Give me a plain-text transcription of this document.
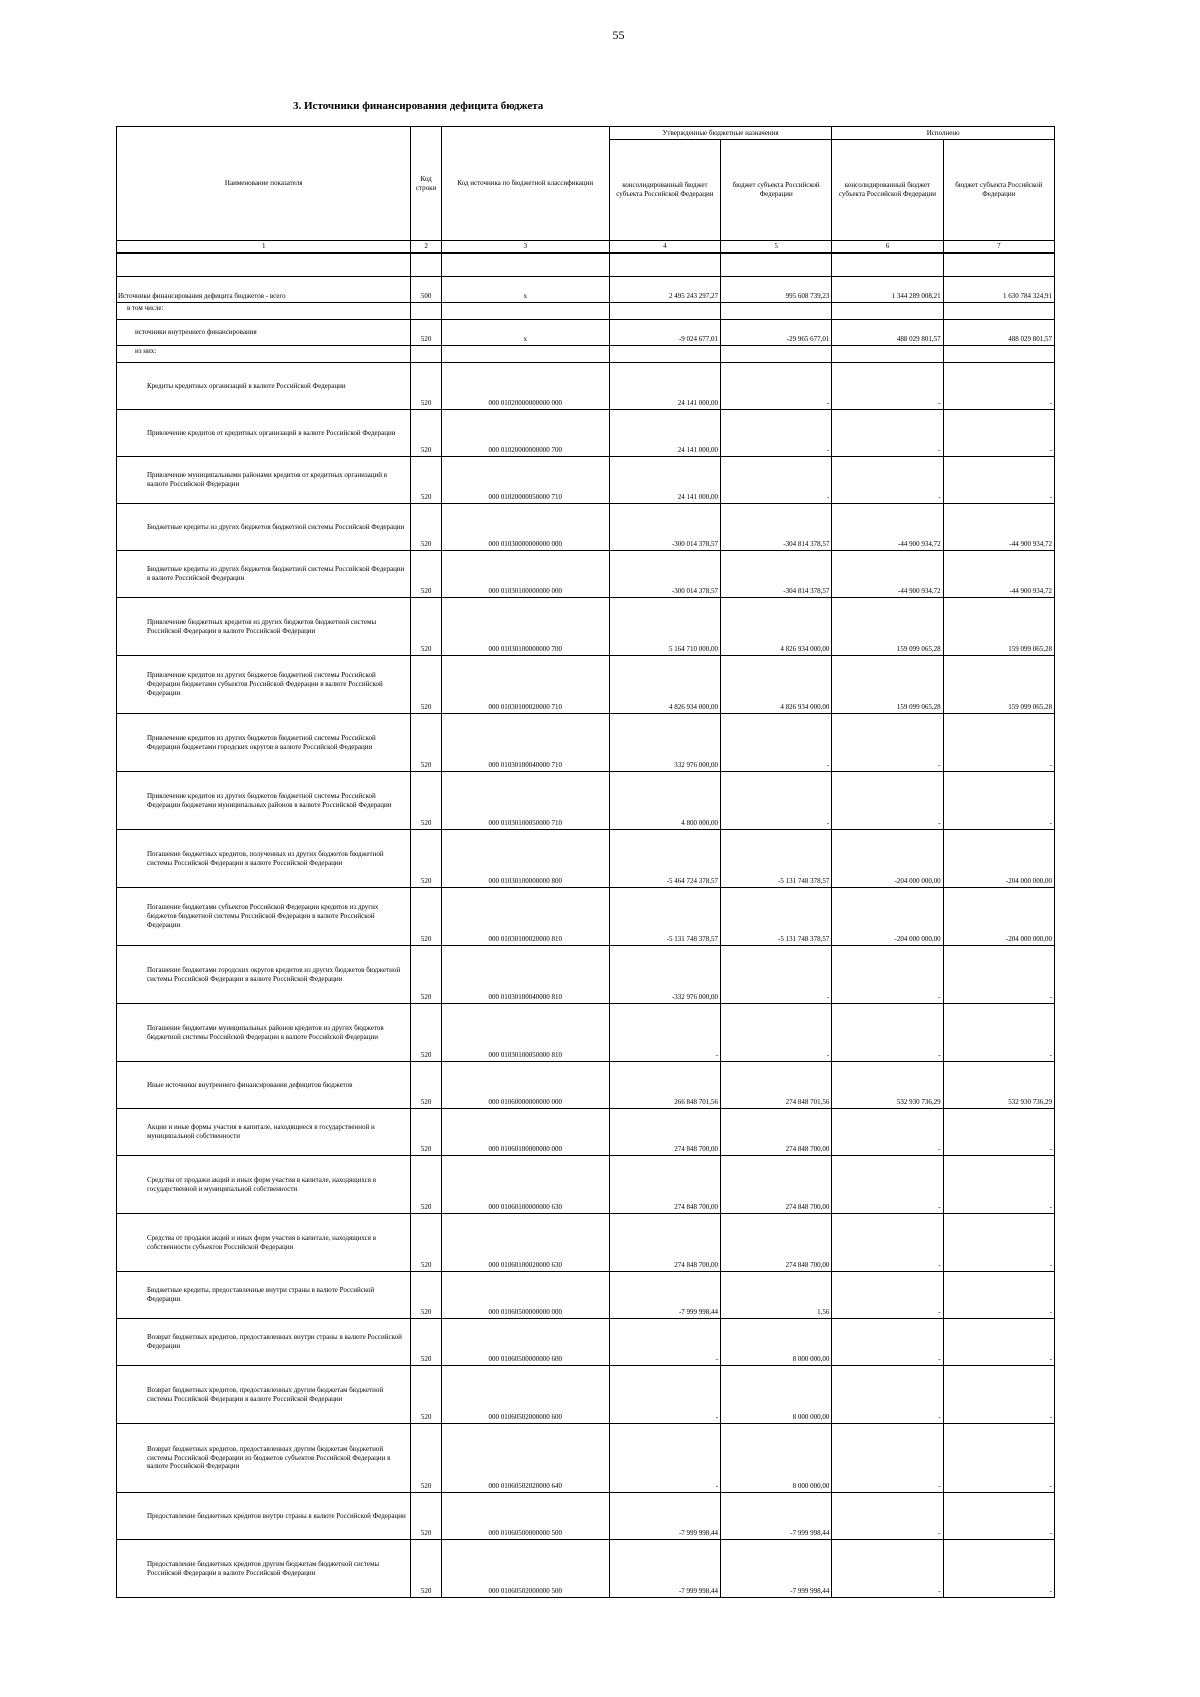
55
3. Источники финансирования дефицита бюджета
Наименование показателя	Код строки	Код источника по бюджетной классификации	Утвержденные бюджетные назначения		Исполнено	
			консолидированный бюджет субъекта Российской Федерации	бюджет субъекта Российской Федерации	консолидированный бюджет субъекта Российской Федерации	бюджет субъекта Российской Федерации
1	2	3	4	5	6	7

Источники финансирования дефицита бюджетов - всего	500	x	2 495 243 297,27	995 608 739,23	1 344 289 008,21	1 630 784 324,91
в том числе:						
источники внутреннего финансирования	520	x	-9 024 677,01	-29 965 677,01	488 029 801,57	488 029 801,57
из них:						
Кредиты кредитных организаций в валюте Российской Федерации	520	000 01020000000000 000	24 141 000,00	-	-	-
Привлечение кредитов от кредитных организаций в валюте Российской Федерации	520	000 01020000000000 700	24 141 000,00	-	-	-
Привлечение муниципальными районами кредитов от кредитных организаций в валюте Российской Федерации	520	000 01020000050000 710	24 141 000,00	-	-	-
Бюджетные кредиты из других бюджетов бюджетной системы Российской Федерации	520	000 01030000000000 000	-300 014 378,57	-304 814 378,57	-44 900 934,72	-44 900 934,72
Бюджетные кредиты из других бюджетов бюджетной системы Российской Федерации в валюте Российской Федерации	520	000 01030100000000 000	-300 014 378,57	-304 814 378,57	-44 900 934,72	-44 900 934,72
Привлечение бюджетных кредитов из других бюджетов бюджетной системы Российской Федерации в валюте Российской Федерации	520	000 01030100000000 700	5 164 710 000,00	4 826 934 000,00	159 099 065,28	159 099 065,28
Привлечение кредитов из других бюджетов бюджетной системы Российской Федерации бюджетами субъектов Российской Федерации в валюте Российской Федерации	520	000 01030100020000 710	4 826 934 000,00	4 826 934 000,00	159 099 065,28	159 099 065,28
Привлечение кредитов из других бюджетов бюджетной системы Российской Федерации бюджетами городских округов в валюте Российской Федерации	520	000 01030100040000 710	332 976 000,00	-	-	-
Привлечение кредитов из других бюджетов бюджетной системы Российской Федерации бюджетами муниципальных районов в валюте Российской Федерации	520	000 01030100050000 710	4 800 000,00	-	-	-
Погашение бюджетных кредитов, полученных из других бюджетов бюджетной системы Российской Федерации в валюте Российской Федерации	520	000 01030100000000 800	-5 464 724 378,57	-5 131 748 378,57	-204 000 000,00	-204 000 000,00
Погашение бюджетами субъектов Российской Федерации кредитов из других бюджетов бюджетной системы Российской Федерации в валюте Российской Федерации	520	000 01030100020000 810	-5 131 748 378,57	-5 131 748 378,57	-204 000 000,00	-204 000 000,00
Погашение бюджетами городских округов кредитов из других бюджетов бюджетной системы Российской Федерации в валюте Российской Федерации	520	000 01030100040000 810	-332 976 000,00	-	-	-
Погашение бюджетами муниципальных районов кредитов из других бюджетов бюджетной системы Российской Федерации в валюте Российской Федерации	520	000 01030100050000 810	-	-	-	-
Иные источники внутреннего финансирования дефицитов бюджетов	520	000 01060000000000 000	266 848 701,56	274 848 701,56	532 930 736,29	532 930 736,29
Акции и иные формы участия в капитале, находящиеся в государственной и муниципальной собственности	520	000 01060100000000 000	274 848 700,00	274 848 700,00	-	-
Средства от продажи акций и иных форм участия в капитале, находящихся в государственной и муниципальной собственности	520	000 01060100000000 630	274 848 700,00	274 848 700,00	-	-
Средства от продажи акций и иных форм участия в капитале, находящихся в собственности субъектов Российской Федерации	520	000 01060100020000 630	274 848 700,00	274 848 700,00	-	-
Бюджетные кредиты, предоставленные внутри страны в валюте Российской Федерации	520	000 01060500000000 000	-7 999 998,44	1,56	-	-
Возврат бюджетных кредитов, предоставленных внутри страны в валюте Российской Федерации	520	000 01060500000000 600	-	8 000 000,00	-	-
Возврат бюджетных кредитов, предоставленных другим бюджетам бюджетной системы Российской Федерации в валюте Российской Федерации	520	000 01060502000000 600	-	8 000 000,00	-	-
Возврат бюджетных кредитов, предоставленных другим бюджетам бюджетной системы Российской Федерации из бюджетов субъектов Российской Федерации в валюте Российской Федерации	520	000 01060502020000 640	-	8 000 000,00	-	-
Предоставление бюджетных кредитов внутри страны в валюте Российской Федерации	520	000 01060500000000 500	-7 999 998,44	-7 999 998,44	-	-
Предоставление бюджетных кредитов другим бюджетам бюджетной системы Российской Федерации в валюте Российской Федерации	520	000 01060502000000 500	-7 999 998,44	-7 999 998,44	-	-
